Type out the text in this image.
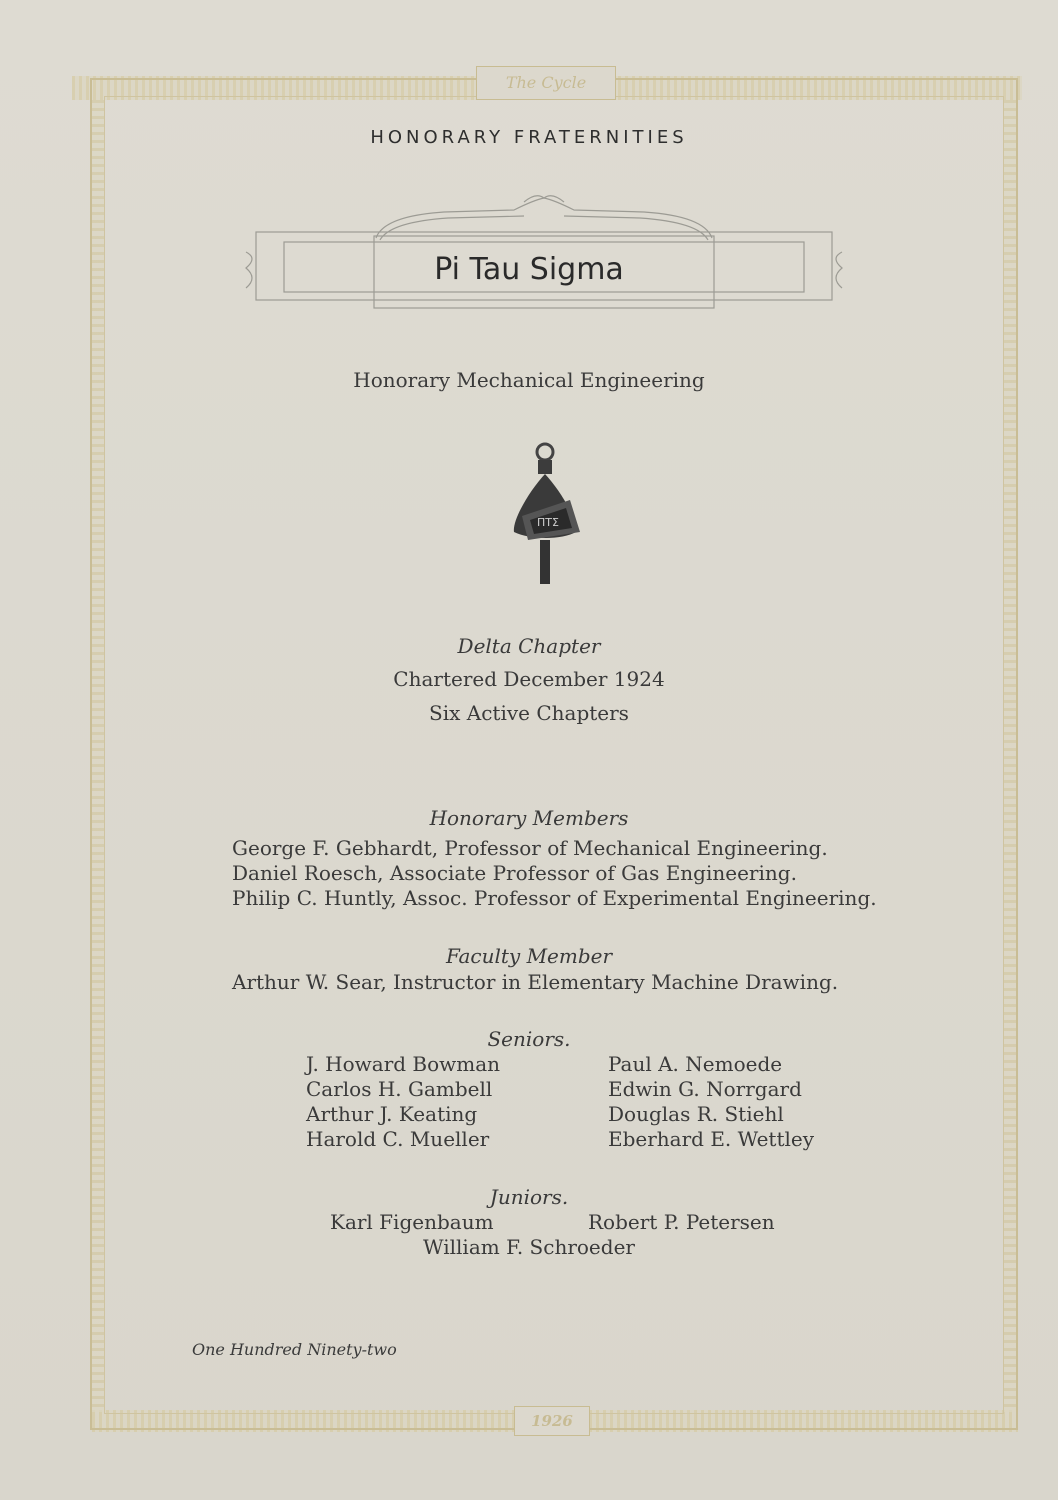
The Cycle
1926
HONORARY FRATERNITIES
Pi Tau Sigma
Honorary Mechanical Engineering
ΠΤΣ
Delta Chapter
Chartered December 1924
Six Active Chapters
Honorary Members
George F. Gebhardt, Professor of Mechanical Engineering.
Daniel Roesch, Associate Professor of Gas Engineering.
Philip C. Huntly, Assoc. Professor of Experimental Engineering.
Faculty Member
Arthur W. Sear, Instructor in Elementary Machine Drawing.
Seniors.
J. Howard Bowman
Carlos H. Gambell
Arthur J. Keating
Harold C. Mueller
Paul A. Nemoede
Edwin G. Norrgard
Douglas R. Stiehl
Eberhard E. Wettley
Juniors.
Karl Figenbaum	Robert P. Petersen
William F. Schroeder
One Hundred Ninety-two
